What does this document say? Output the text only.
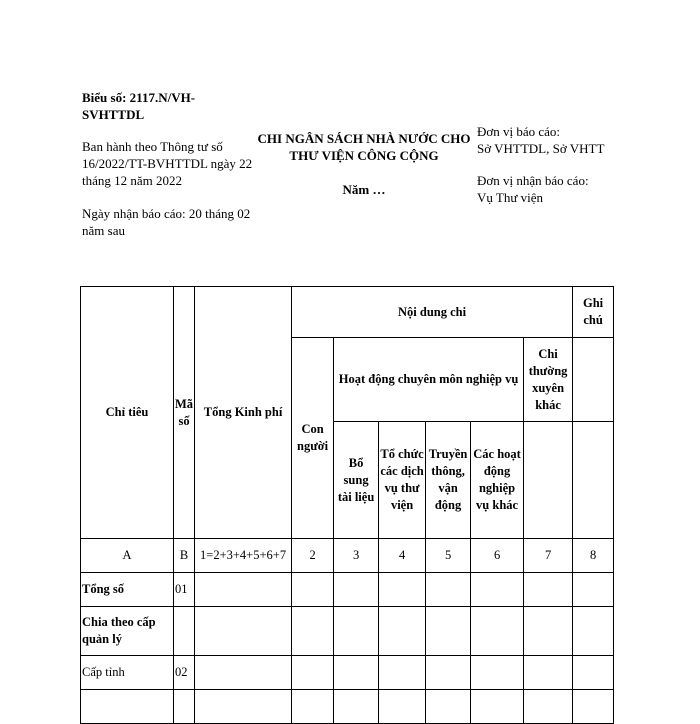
Biểu số: 2117.N/VH-SVHTTDL
Ban hành theo Thông tư số 16/2022/TT-BVHTTDL ngày 22 tháng 12 năm 2022
Ngày nhận báo cáo: 20 tháng 02 năm sau
CHI NGÂN SÁCH NHÀ NƯỚC CHO THƯ VIỆN CÔNG CỘNG
Năm …
Đơn vị báo cáo:
Sở VHTTDL, Sở VHTT
Đơn vị nhận báo cáo:
Vụ Thư viện
Chỉ tiêu	Mã số	Tổng Kinh phí	Nội dung chi						Ghi chú
			Con người	Hoạt động chuyên môn nghiệp vụ				Chi thường xuyên khác	
				Bổ sung tài liệu	Tổ chức các dịch vụ thư viện	Truyền thông, vận động	Các hoạt động nghiệp vụ khác		
A	B	1=2+3+4+5+6+7	2	3	4	5	6	7	8
Tổng số	01								
Chia theo cấp quản lý									
Cấp tỉnh	02								
